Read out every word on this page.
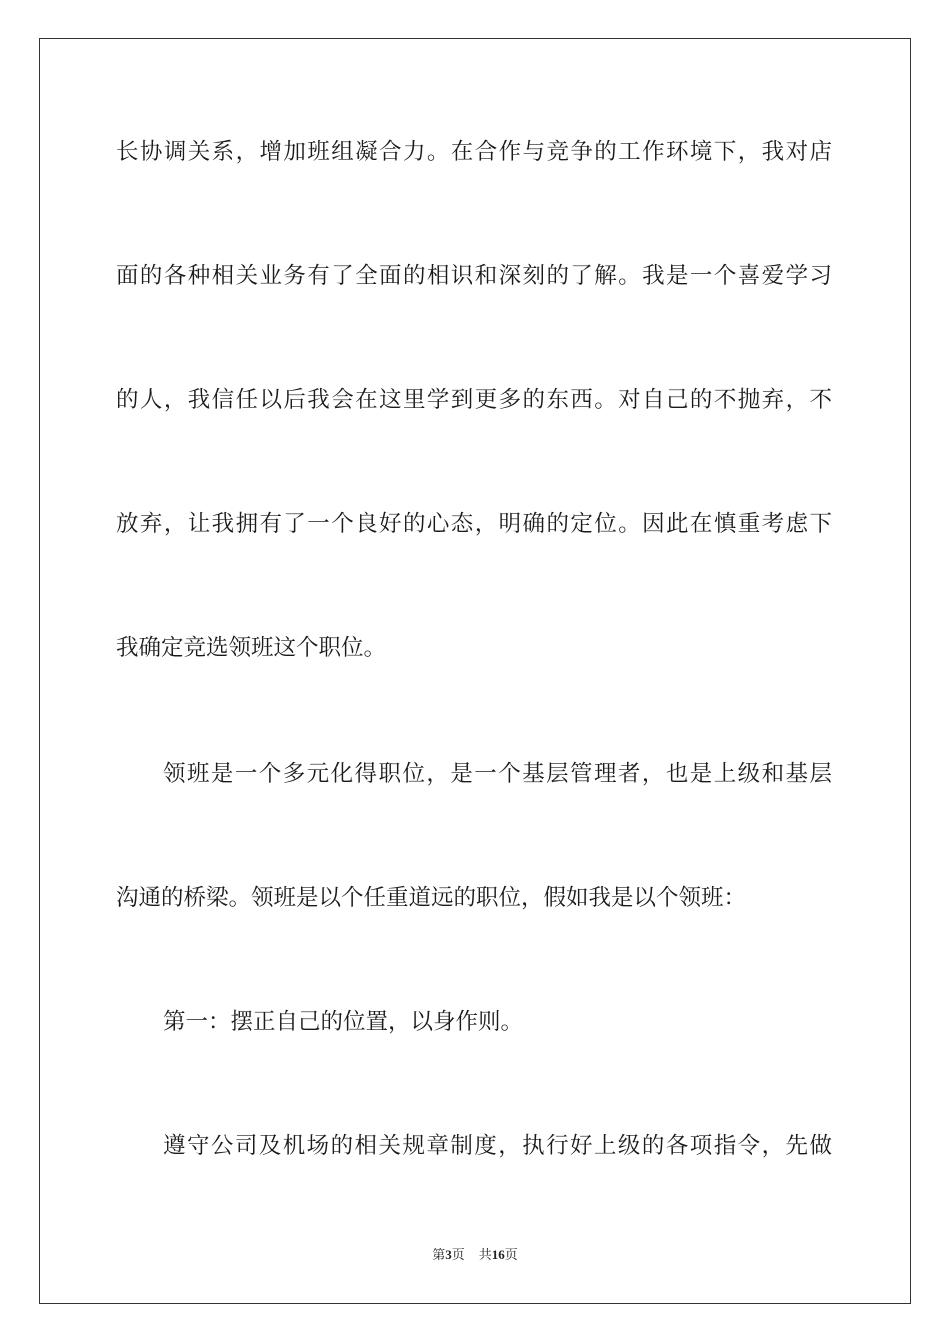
长协调关系，增加班组凝合力。在合作与竞争的工作环境下，我对店
面的各种相关业务有了全面的相识和深刻的了解。我是一个喜爱学习
的人，我信任以后我会在这里学到更多的东西。对自己的不抛弃，不
放弃，让我拥有了一个良好的心态，明确的定位。因此在慎重考虑下
我确定竞选领班这个职位。
领班是一个多元化得职位，是一个基层管理者，也是上级和基层
沟通的桥梁。领班是以个任重道远的职位，假如我是以个领班：
第一：摆正自己的位置，以身作则。
遵守公司及机场的相关规章制度，执行好上级的各项指令，先做
第3页 共16页
